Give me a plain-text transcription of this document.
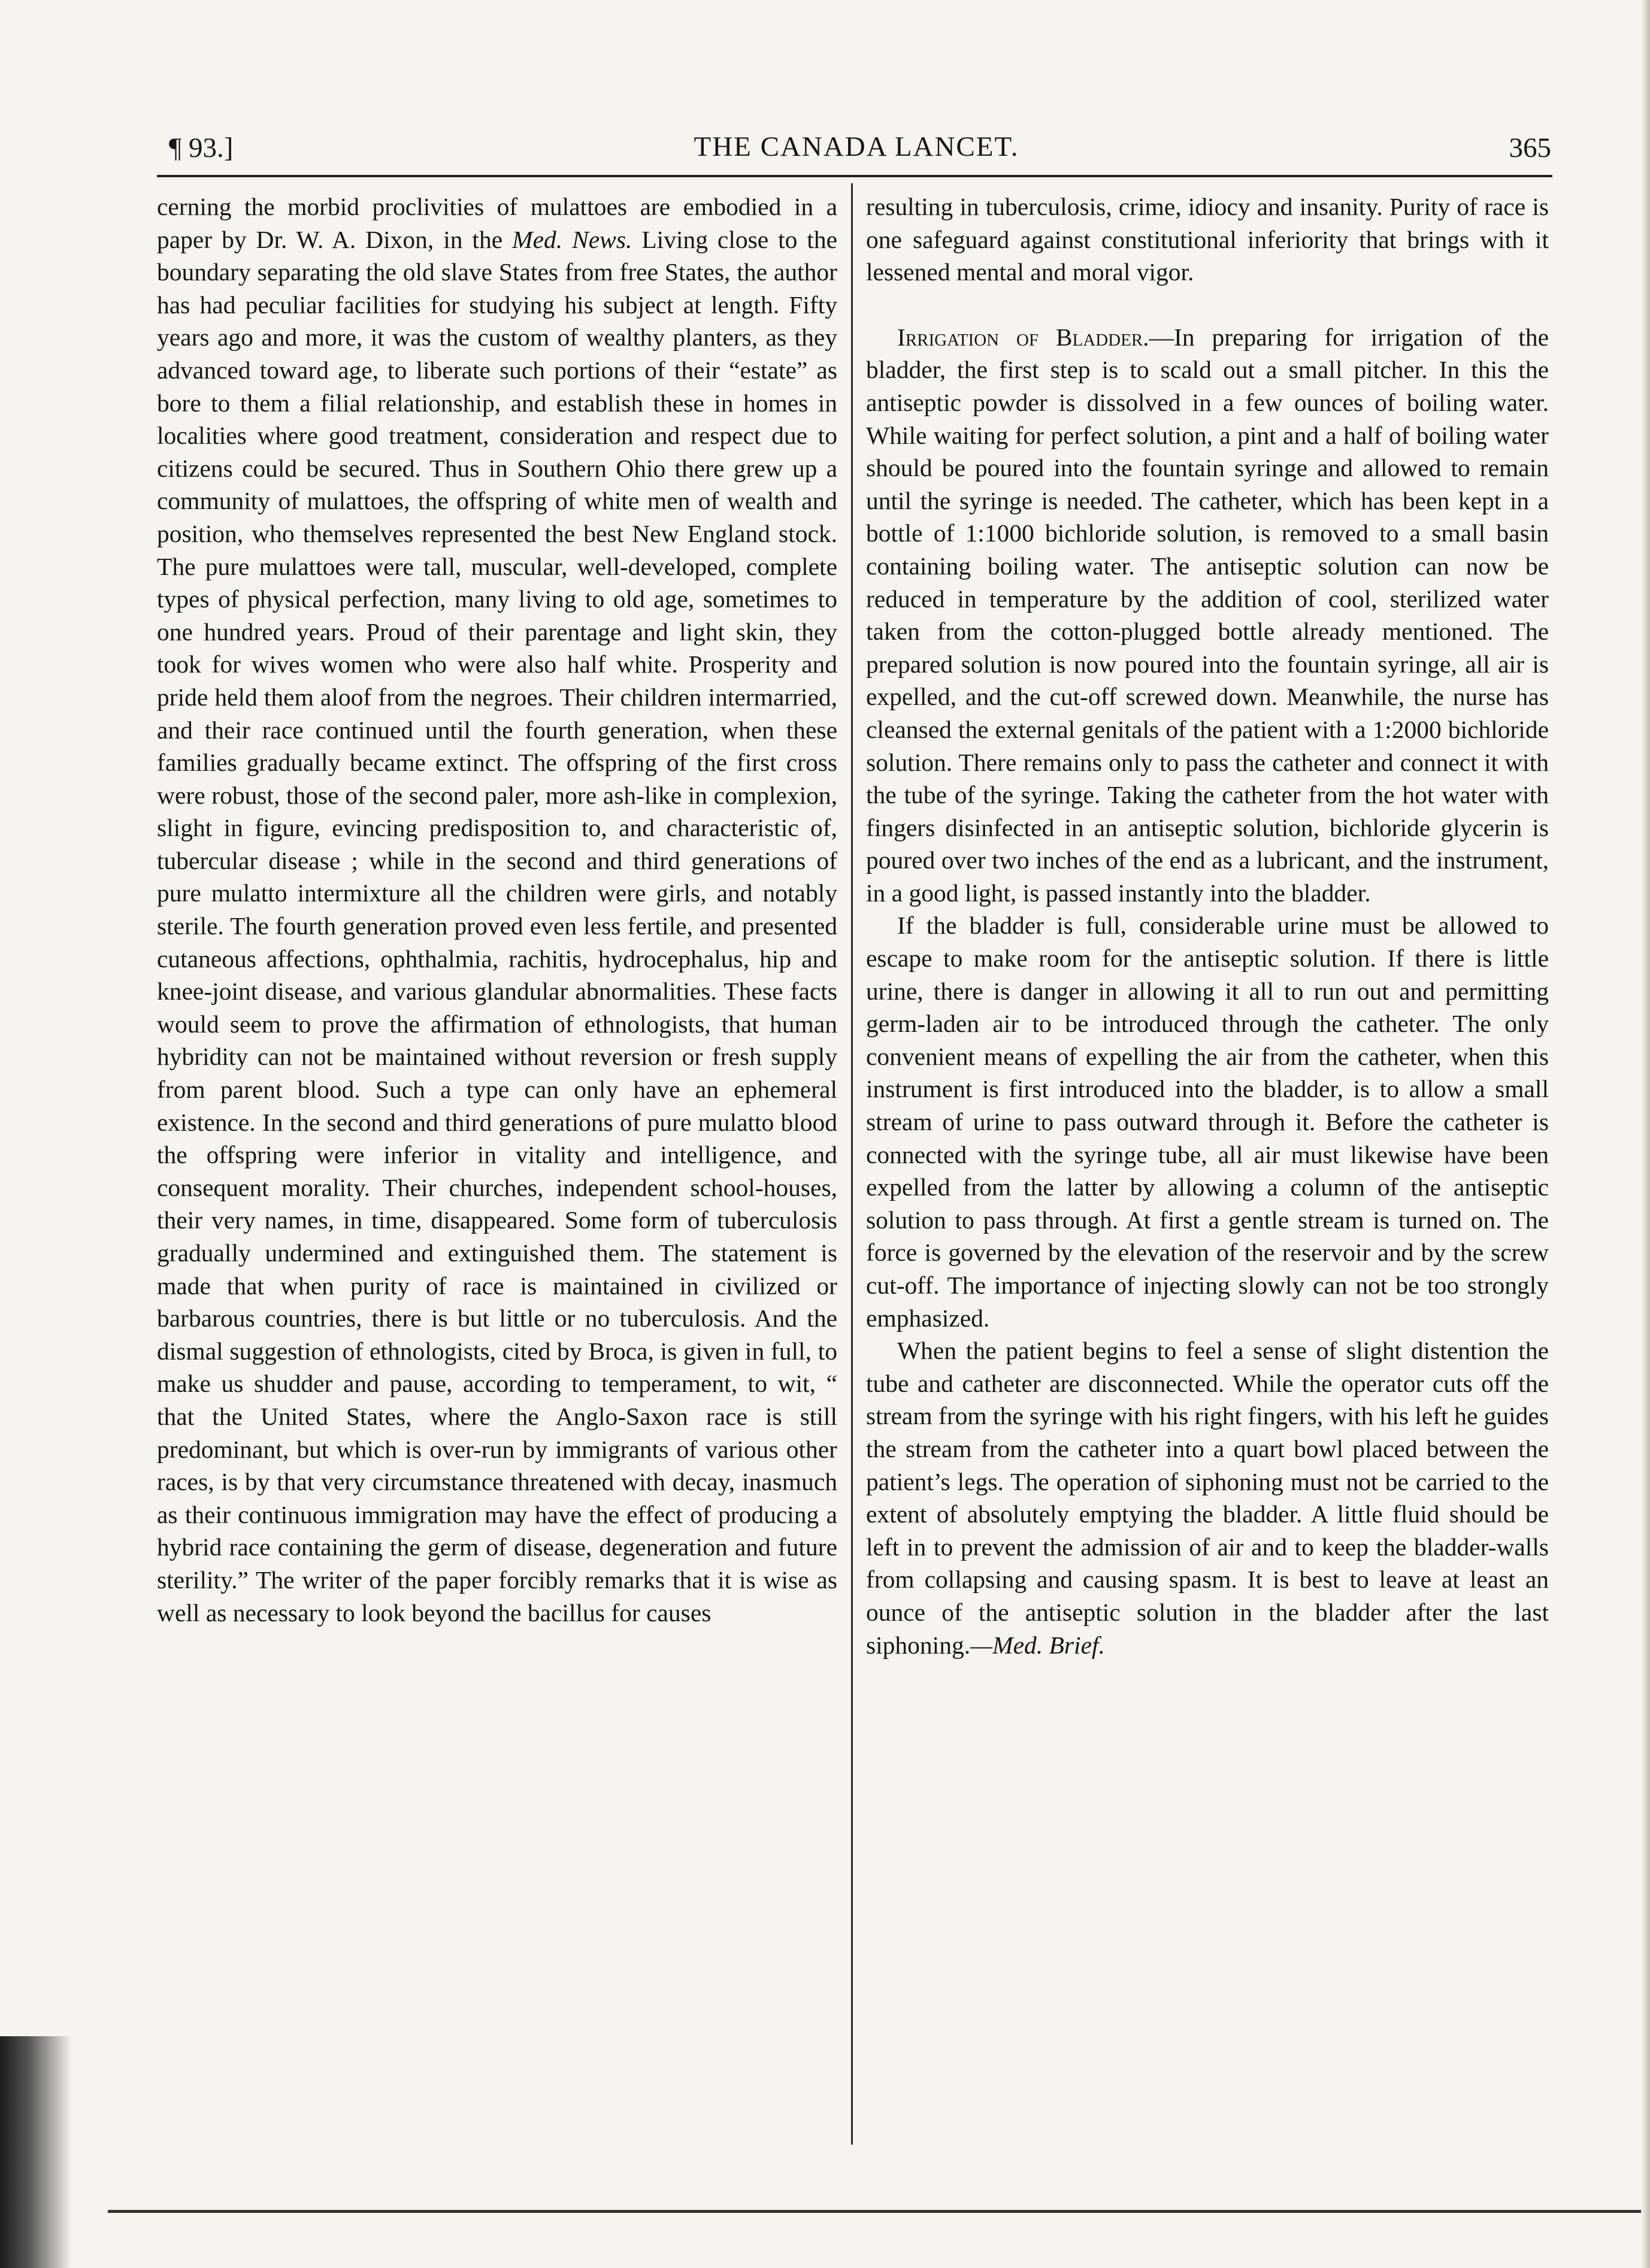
¶ 93.]	THE CANADA LANCET.	365

cerning the morbid proclivities of mulattoes are embodied in a paper by Dr. W. A. Dixon, in the Med. News. Living close to the boundary separating the old slave States from free States, the author has had peculiar facilities for studying his subject at length. Fifty years ago and more, it was the custom of wealthy planters, as they advanced toward age, to liberate such portions of their “estate” as bore to them a filial relationship, and establish these in homes in localities where good treatment, consideration and respect due to citizens could be secured. Thus in Southern Ohio there grew up a community of mulattoes, the offspring of white men of wealth and position, who themselves represented the best New England stock. The pure mulattoes were tall, muscular, well-developed, complete types of physical perfection, many living to old age, sometimes to one hundred years. Proud of their parentage and light skin, they took for wives women who were also half white. Prosperity and pride held them aloof from the negroes. Their children intermarried, and their race continued until the fourth generation, when these families gradually became extinct. The offspring of the first cross were robust, those of the second paler, more ash-like in complexion, slight in figure, evincing predisposition to, and characteristic of, tubercular disease ; while in the second and third generations of pure mulatto intermixture all the children were girls, and notably sterile. The fourth generation proved even less fertile, and presented cutaneous affections, ophthalmia, rachitis, hydrocephalus, hip and knee-joint disease, and various glandular abnormalities. These facts would seem to prove the affirmation of ethnologists, that human hybridity can not be maintained without reversion or fresh supply from parent blood. Such a type can only have an ephemeral existence. In the second and third generations of pure mulatto blood the offspring were inferior in vitality and intelligence, and consequent morality. Their churches, independent school-houses, their very names, in time, disappeared. Some form of tuberculosis gradually undermined and extinguished them. The statement is made that when purity of race is maintained in civilized or barbarous countries, there is but little or no tuberculosis. And the dismal suggestion of ethnologists, cited by Broca, is given in full, to make us shudder and pause, according to temperament, to wit, “ that the United States, where the Anglo-Saxon race is still predominant, but which is over-run by immigrants of various other races, is by that very circumstance threatened with decay, inasmuch as their continuous immigration may have the effect of producing a hybrid race containing the germ of disease, degeneration and future sterility.” The writer of the paper forcibly remarks that it is wise as well as necessary to look beyond the bacillus for causes

resulting in tuberculosis, crime, idiocy and insanity. Purity of race is one safeguard against constitutional inferiority that brings with it lessened mental and moral vigor.

Irrigation of Bladder.—In preparing for irrigation of the bladder, the first step is to scald out a small pitcher. In this the antiseptic powder is dissolved in a few ounces of boiling water. While waiting for perfect solution, a pint and a half of boiling water should be poured into the fountain syringe and allowed to remain until the syringe is needed. The catheter, which has been kept in a bottle of 1:1000 bichloride solution, is removed to a small basin containing boiling water. The antiseptic solution can now be reduced in temperature by the addition of cool, sterilized water taken from the cotton-plugged bottle already mentioned. The prepared solution is now poured into the fountain syringe, all air is expelled, and the cut-off screwed down. Meanwhile, the nurse has cleansed the external genitals of the patient with a 1:2000 bichloride solution. There remains only to pass the catheter and connect it with the tube of the syringe. Taking the catheter from the hot water with fingers disinfected in an antiseptic solution, bichloride glycerin is poured over two inches of the end as a lubricant, and the instrument, in a good light, is passed instantly into the bladder.

If the bladder is full, considerable urine must be allowed to escape to make room for the antiseptic solution. If there is little urine, there is danger in allowing it all to run out and permitting germ-laden air to be introduced through the catheter. The only convenient means of expelling the air from the catheter, when this instrument is first introduced into the bladder, is to allow a small stream of urine to pass outward through it. Before the catheter is connected with the syringe tube, all air must likewise have been expelled from the latter by allowing a column of the antiseptic solution to pass through. At first a gentle stream is turned on. The force is governed by the elevation of the reservoir and by the screw cut-off. The importance of injecting slowly can not be too strongly emphasized.

When the patient begins to feel a sense of slight distention the tube and catheter are disconnected. While the operator cuts off the stream from the syringe with his right fingers, with his left he guides the stream from the catheter into a quart bowl placed between the patient’s legs. The operation of siphoning must not be carried to the extent of absolutely emptying the bladder. A little fluid should be left in to prevent the admission of air and to keep the bladder-walls from collapsing and causing spasm. It is best to leave at least an ounce of the antiseptic solution in the bladder after the last siphoning.—Med. Brief.
